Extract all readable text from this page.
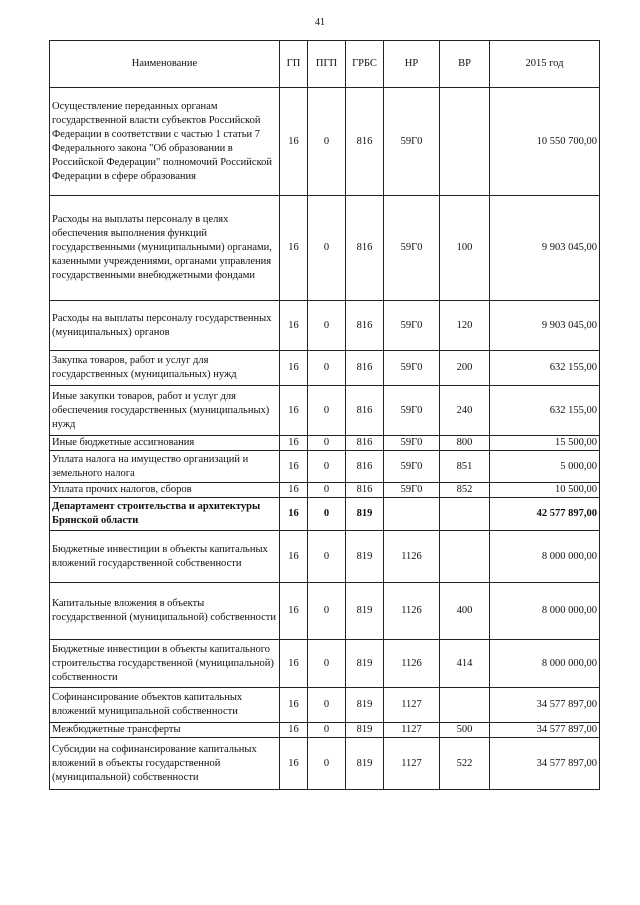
41
Наименование	ГП	ПГП	ГРБС	НР	ВР	2015 год
Осуществление переданных органам государственной власти субъектов Российской Федерации в соответствии с частью 1 статьи 7 Федерального закона "Об образовании в Российской Федерации" полномочий Российской Федерации в сфере образования	16	0	816	59Г0		10 550 700,00
Расходы на выплаты персоналу в целях обеспечения выполнения функций государственными (муниципальными) органами, казенными учреждениями, органами управления государственными внебюджетными фондами	16	0	816	59Г0	100	9 903 045,00
Расходы на выплаты персоналу государственных (муниципальных) органов	16	0	816	59Г0	120	9 903 045,00
Закупка товаров, работ и услуг для государственных (муниципальных) нужд	16	0	816	59Г0	200	632 155,00
Иные закупки товаров, работ и услуг для обеспечения государственных (муниципальных) нужд	16	0	816	59Г0	240	632 155,00
Иные бюджетные ассигнования	16	0	816	59Г0	800	15 500,00
Уплата налога на имущество организаций и земельного налога	16	0	816	59Г0	851	5 000,00
Уплата прочих налогов, сборов	16	0	816	59Г0	852	10 500,00
Департамент строительства и архитектуры Брянской области	16	0	819			42 577 897,00
Бюджетные инвестиции в объекты капитальных вложений государственной собственности	16	0	819	1126		8 000 000,00
Капитальные вложения в объекты государственной (муниципальной) собственности	16	0	819	1126	400	8 000 000,00
Бюджетные инвестиции в объекты капитального строительства государственной (муниципальной) собственности	16	0	819	1126	414	8 000 000,00
Софинансирование объектов капитальных вложений муниципальной собственности	16	0	819	1127		34 577 897,00
Межбюджетные трансферты	16	0	819	1127	500	34 577 897,00
Субсидии на софинансирование капитальных вложений в объекты государственной (муниципальной) собственности	16	0	819	1127	522	34 577 897,00
